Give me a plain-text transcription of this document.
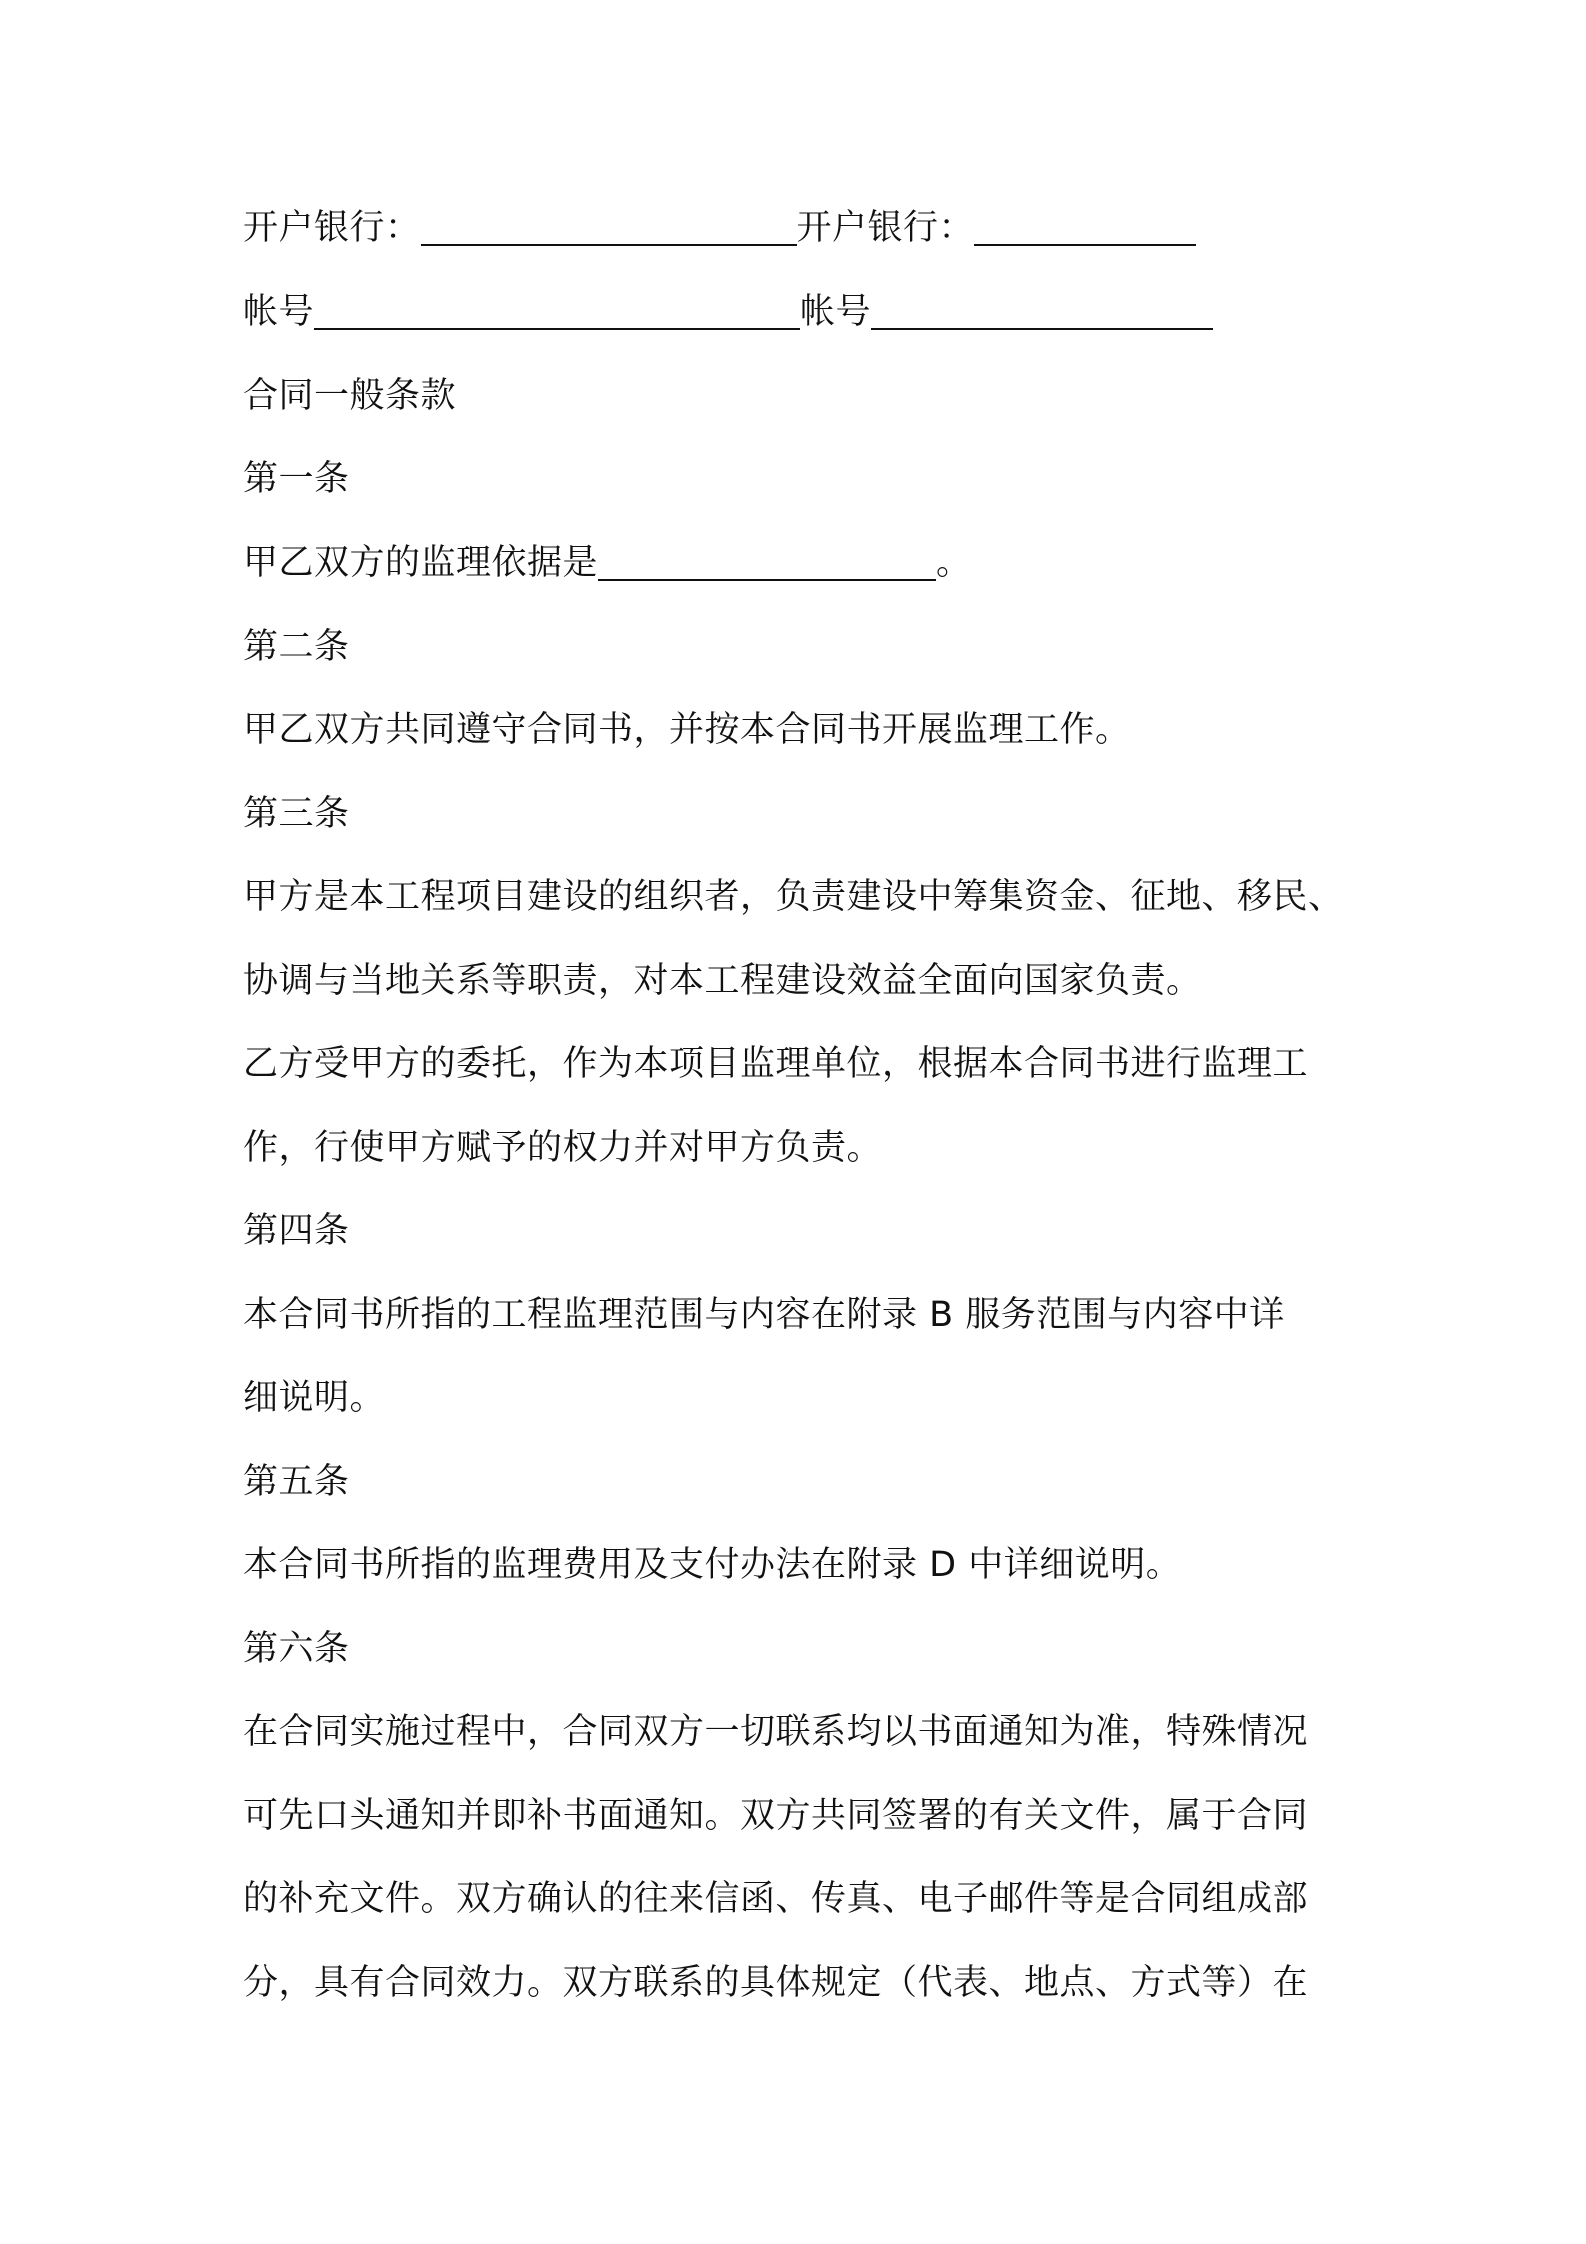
开户银行：	开户银行：
帐号	帐号
合同一般条款
第一条
甲乙双方的监理依据是	。
第二条
甲乙双方共同遵守合同书，并按本合同书开展监理工作。
第三条
甲方是本工程项目建设的组织者，负责建设中筹集资金、征地、移民、
协调与当地关系等职责，对本工程建设效益全面向国家负责。
乙方受甲方的委托，作为本项目监理单位，根据本合同书进行监理工
作，行使甲方赋予的权力并对甲方负责。
第四条
本合同书所指的工程监理范围与内容在附录 B 服务范围与内容中详
细说明。
第五条
本合同书所指的监理费用及支付办法在附录 D 中详细说明。
第六条
在合同实施过程中，合同双方一切联系均以书面通知为准，特殊情况
可先口头通知并即补书面通知。双方共同签署的有关文件，属于合同
的补充文件。双方确认的往来信函、传真、电子邮件等是合同组成部
分，具有合同效力。双方联系的具体规定（代表、地点、方式等）在
